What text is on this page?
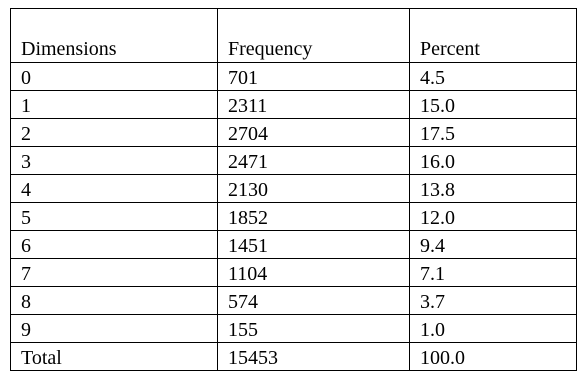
Dimensions	Frequency	Percent
0	701	4.5
1	2311	15.0
2	2704	17.5
3	2471	16.0
4	2130	13.8
5	1852	12.0
6	1451	9.4
7	1104	7.1
8	574	3.7
9	155	1.0
Total	15453	100.0
